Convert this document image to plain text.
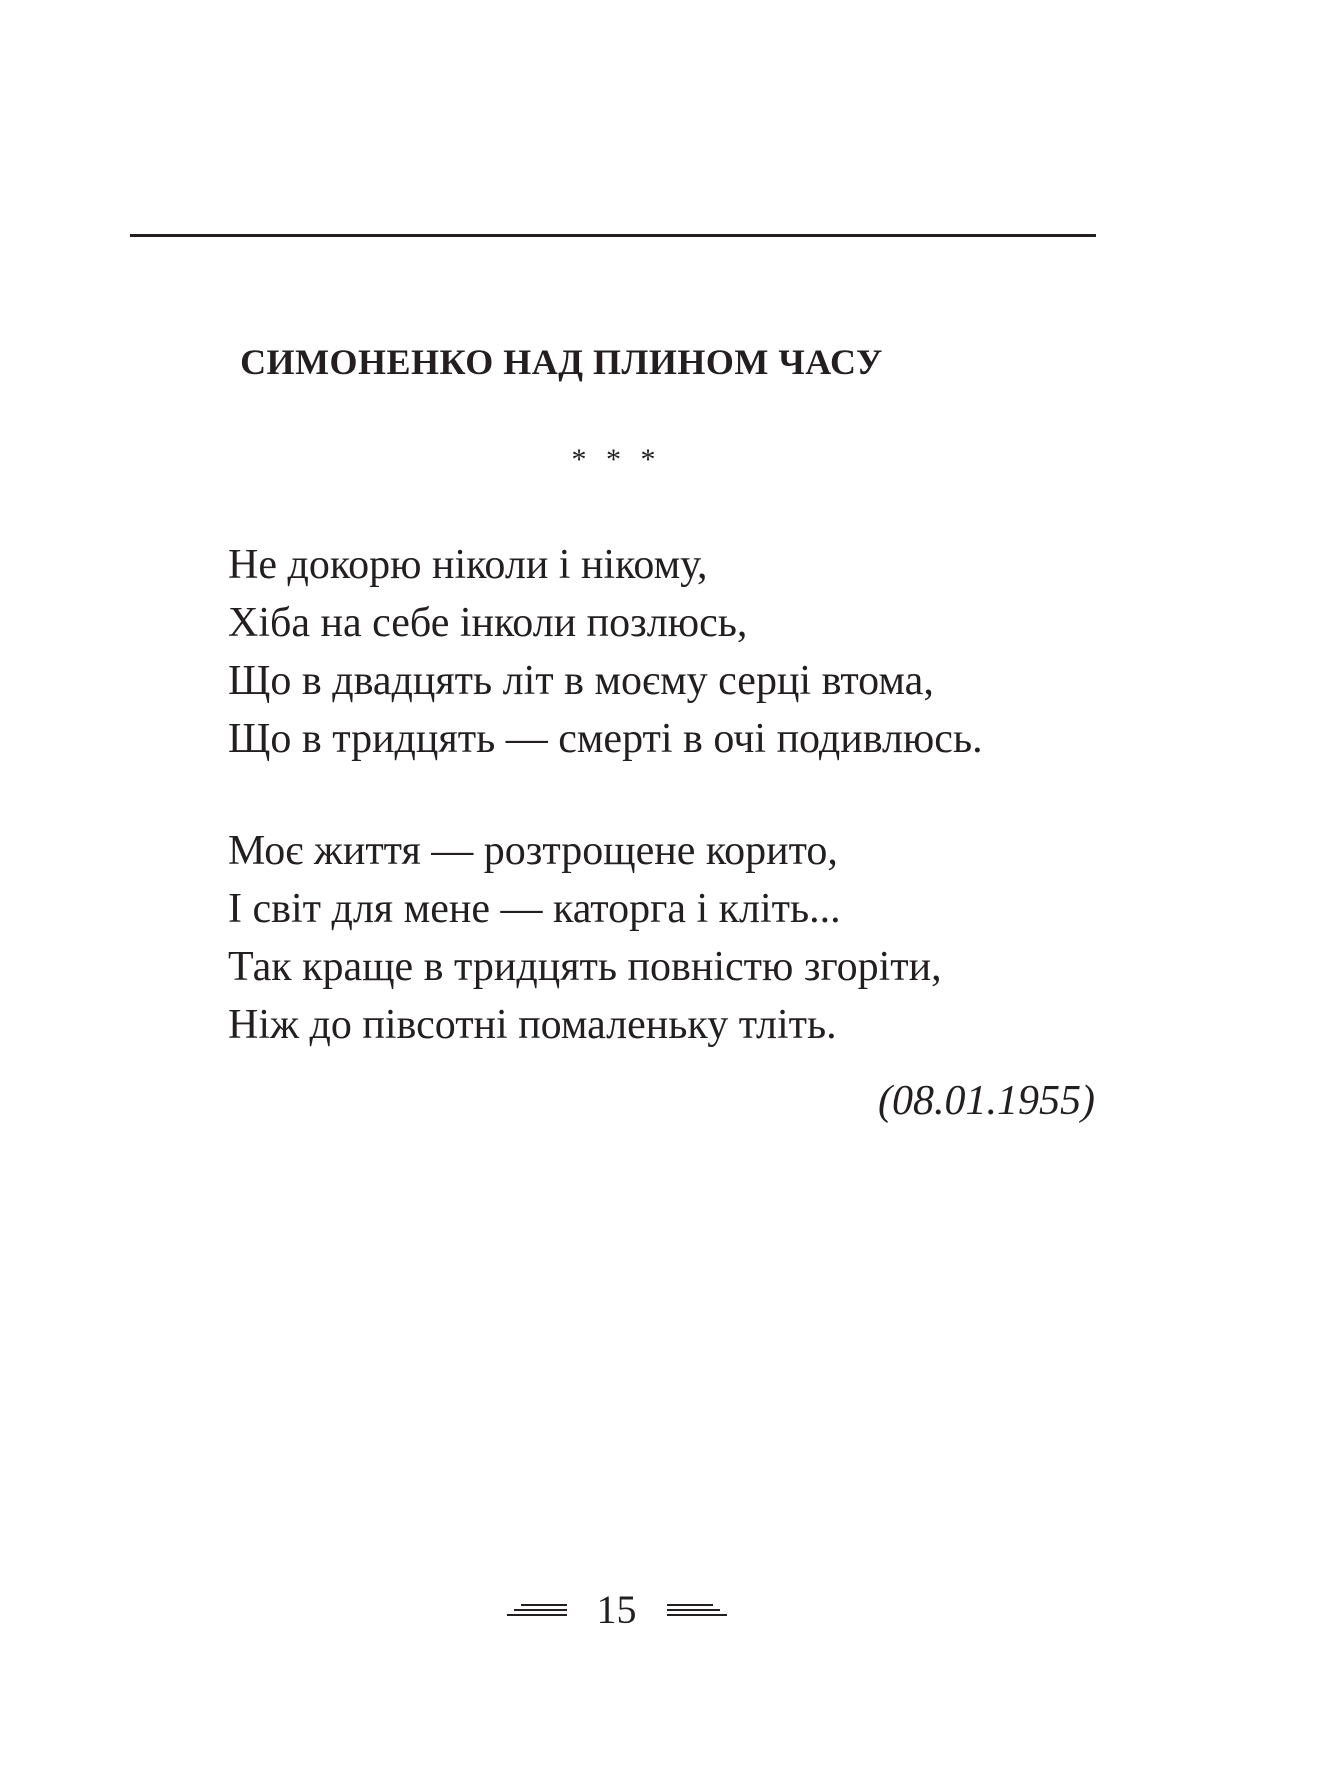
СИМОНЕНКО НАД ПЛИНОМ ЧАСУ
* * *
Не докорю ніколи і нікому,
Хіба на себе інколи позлюсь,
Що в двадцять літ в моєму серці втома,
Що в тридцять — смерті в очі подивлюсь.
Моє життя — розтрощене корито,
І світ для мене — каторга і кліть...
Так краще в тридцять повністю згоріти,
Ніж до півсотні помаленьку тліть.
(08.01.1955)
15
